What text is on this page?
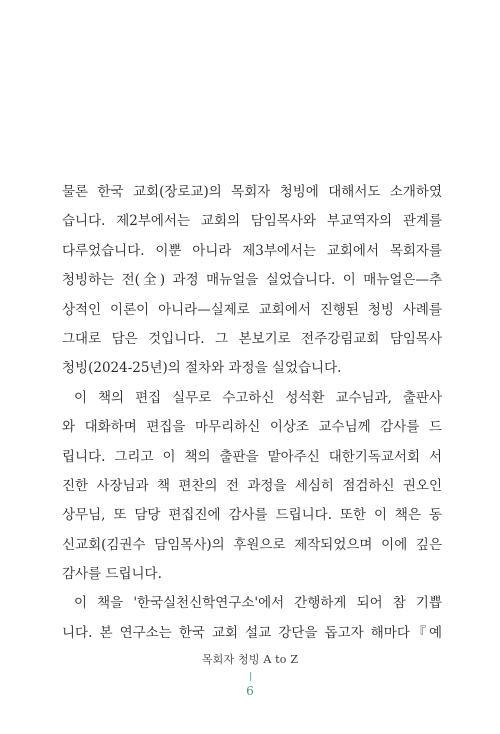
물론 한국 교회(장로교)의 목회자 청빙에 대해서도 소개하였
습니다. 제2부에서는 교회의 담임목사와 부교역자의 관계를
다루었습니다. 이뿐 아니라 제3부에서는 교회에서 목회자를
청빙하는 전(全) 과정 매뉴얼을 실었습니다. 이 매뉴얼은—추
상적인 이론이 아니라—실제로 교회에서 진행된 청빙 사례를
그대로 담은 것입니다. 그 본보기로 전주강림교회 담임목사
청빙(2024-25년)의 절차와 과정을 실었습니다.
이 책의 편집 실무로 수고하신 성석환 교수님과, 출판사
와 대화하며 편집을 마무리하신 이상조 교수님께 감사를 드
립니다. 그리고 이 책의 출판을 맡아주신 대한기독교서회 서
진한 사장님과 책 편찬의 전 과정을 세심히 점검하신 권오인
상무님, 또 담당 편집진에 감사를 드립니다. 또한 이 책은 동
신교회(김권수 담임목사)의 후원으로 제작되었으며 이에 깊은
감사를 드립니다.
이 책을 '한국실천신학연구소'에서 간행하게 되어 참 기쁩
니다. 본 연구소는 한국 교회 설교 강단을 돕고자 해마다『예
목회자 청빙 A to Z
6
